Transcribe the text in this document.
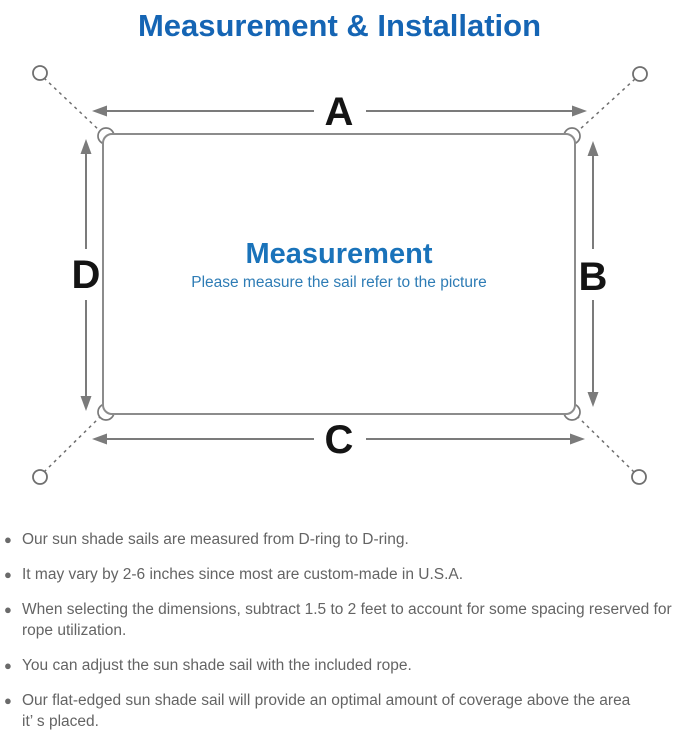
Measurement & Installation
A
C
D	B
Measurement
Please measure the sail refer to the picture
● Our sun shade sails are measured from D-ring to D-ring.
● It may vary by 2-6 inches since most are custom-made in U.S.A.
● When selecting the dimensions, subtract 1.5 to 2 feet to account for some spacing reserved for rope utilization.
● You can adjust the sun shade sail with the included rope.
● Our flat-edged sun shade sail will provide an optimal amount of coverage above the area it’ s placed.
